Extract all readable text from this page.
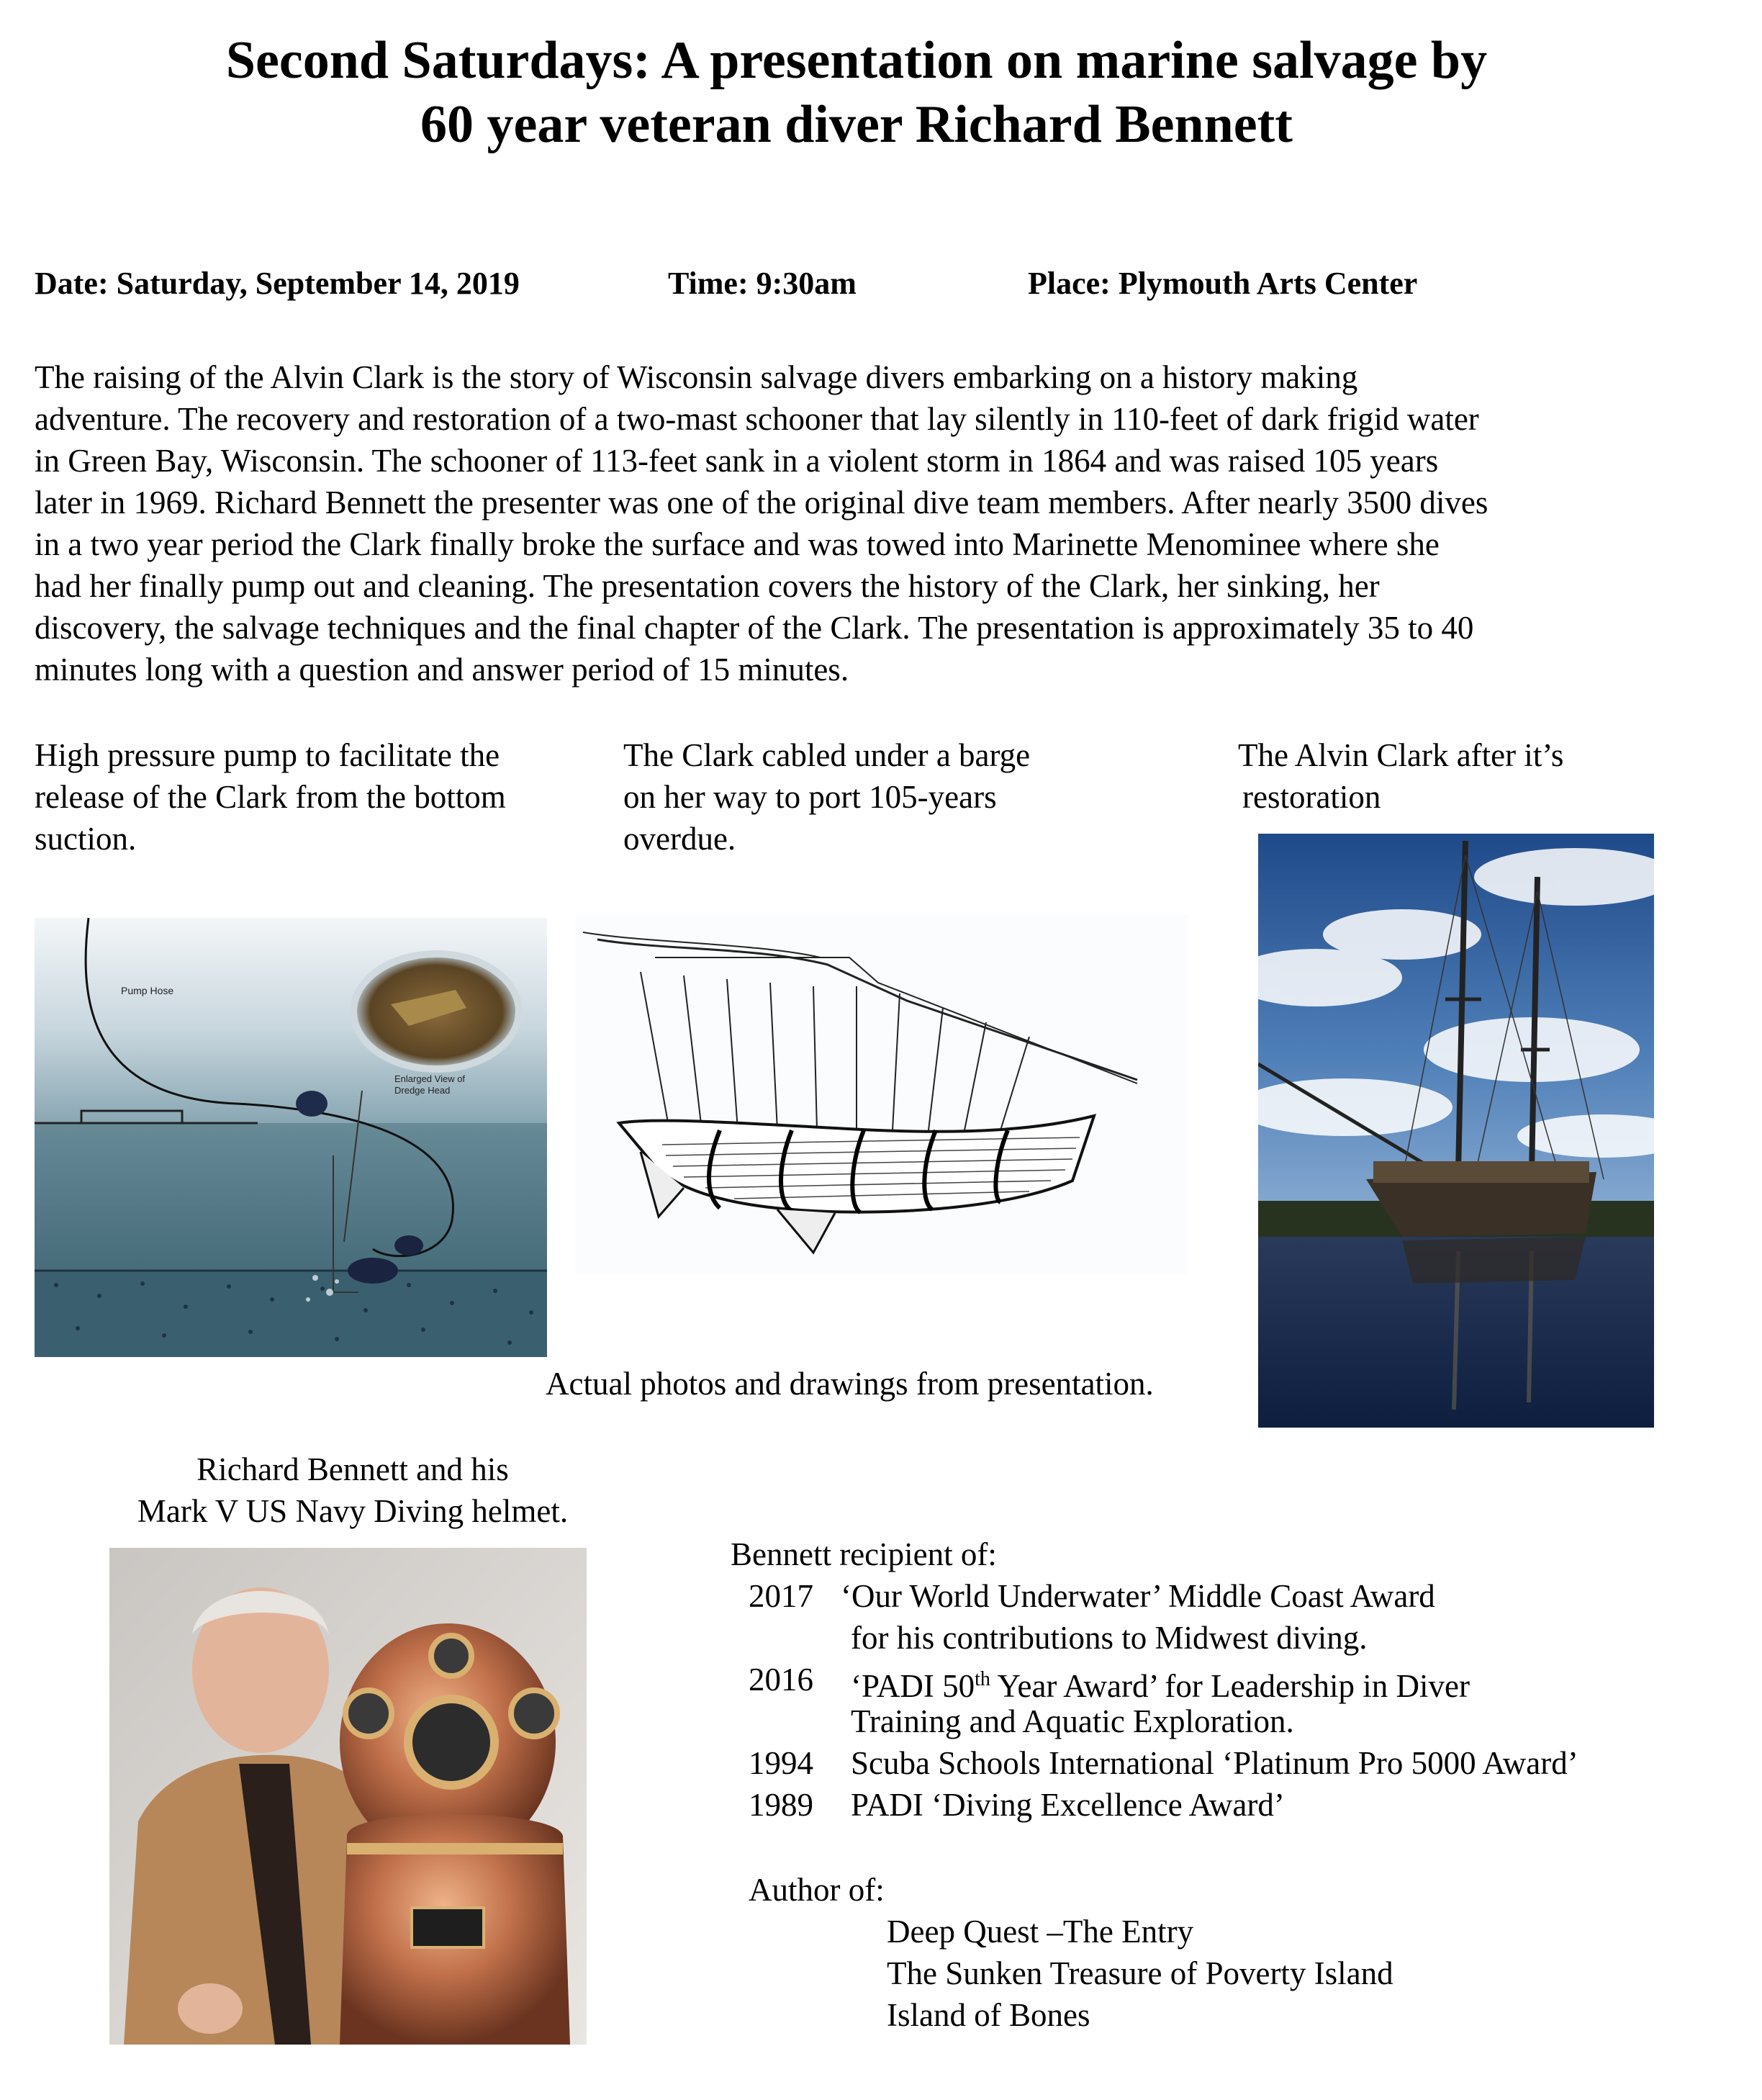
Second Saturdays: A presentation on marine salvage by
60 year veteran diver Richard Bennett
Date: Saturday, September 14, 2019	Time: 9:30am	Place: Plymouth Arts Center
The raising of the Alvin Clark is the story of Wisconsin salvage divers embarking on a history making
adventure. The recovery and restoration of a two-mast schooner that lay silently in 110-feet of dark frigid water
in Green Bay, Wisconsin. The schooner of 113-feet sank in a violent storm in 1864 and was raised 105 years
later in 1969. Richard Bennett the presenter was one of the original dive team members. After nearly 3500 dives
in a two year period the Clark finally broke the surface and was towed into Marinette Menominee where she
had her finally pump out and cleaning. The presentation covers the history of the Clark, her sinking, her
discovery, the salvage techniques and the final chapter of the Clark. The presentation is approximately 35 to 40
minutes long with a question and answer period of 15 minutes.
High pressure pump to facilitate the
release of the Clark from the bottom
suction.
The Clark cabled under a barge
on her way to port 105-years
overdue.
The Alvin Clark after it’s
restoration
Pump Hose
Enlarged View of
Dredge Head
Actual photos and drawings from presentation.
Richard Bennett and his
Mark V US Navy Diving helmet.
Bennett recipient of:
2017 ‘Our World Underwater’ Middle Coast Award
for his contributions to Midwest diving.
2016 ‘PADI 50th Year Award’ for Leadership in Diver
Training and Aquatic Exploration.
1994 Scuba Schools International ‘Platinum Pro 5000 Award’
1989 PADI ‘Diving Excellence Award’
Author of:
Deep Quest –The Entry
The Sunken Treasure of Poverty Island
Island of Bones
